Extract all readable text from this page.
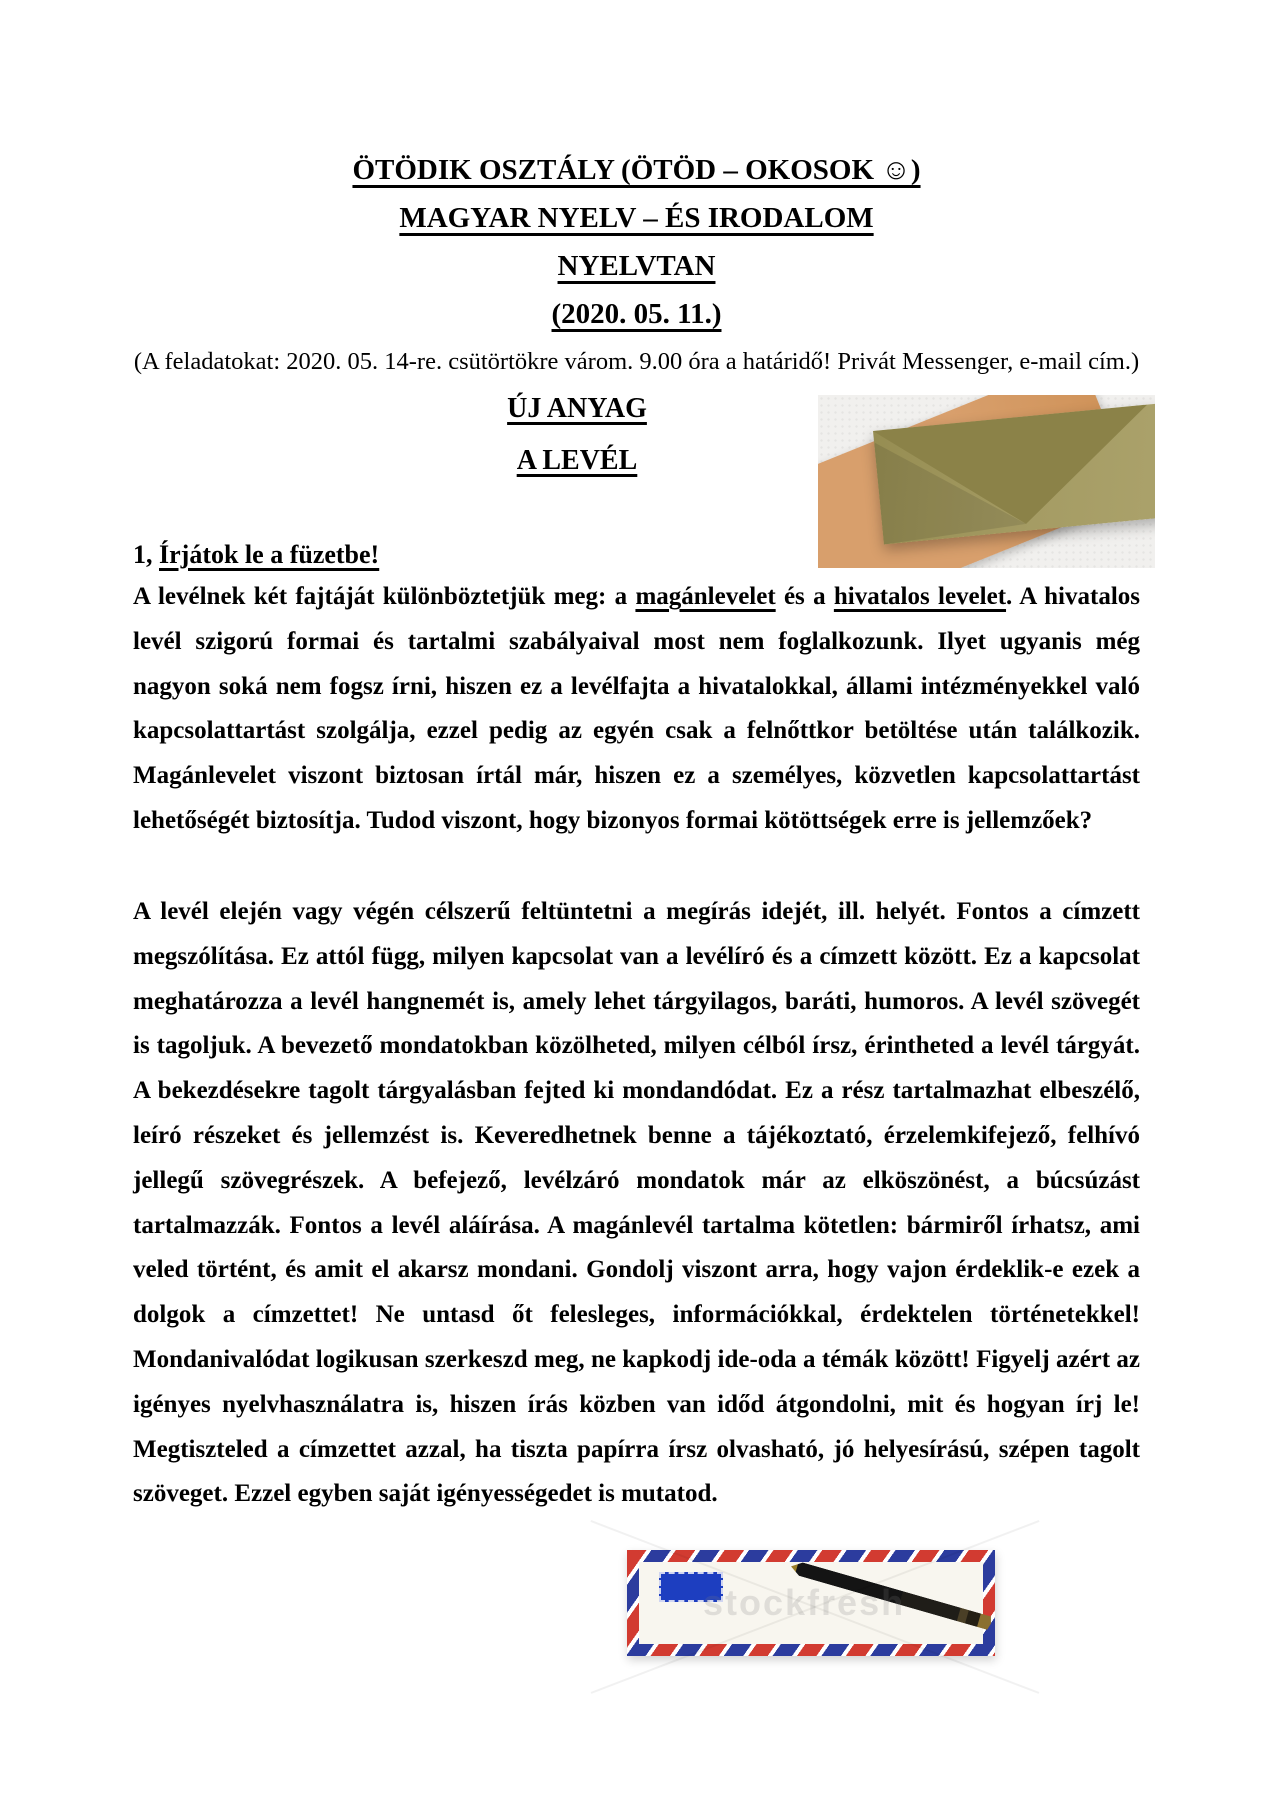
ÖTÖDIK OSZTÁLY (ÖTÖD – OKOSOK ☺)
MAGYAR NYELV – ÉS IRODALOM
NYELVTAN
(2020. 05. 11.)

(A feladatokat: 2020. 05. 14-re. csütörtökre várom. 9.00 óra a határidő! Privát Messenger, e-mail cím.)

ÚJ ANYAG
A LEVÉL
1, Írjátok le a füzetbe!

A levélnek két fajtáját különböztetjük meg: a magánlevelet és a hivatalos levelet. A hivatalos levél szigorú formai és tartalmi szabályaival most nem foglalkozunk. Ilyet ugyanis még nagyon soká nem fogsz írni, hiszen ez a levélfajta a hivatalokkal, állami intézményekkel való kapcsolattartást szolgálja, ezzel pedig az egyén csak a felnőttkor betöltése után találkozik. Magánlevelet viszont biztosan írtál már, hiszen ez a személyes, közvetlen kapcsolattartást lehetőségét biztosítja. Tudod viszont, hogy bizonyos formai kötöttségek erre is jellemzőek?

A levél elején vagy végén célszerű feltüntetni a megírás idejét, ill. helyét. Fontos a címzett megszólítása. Ez attól függ, milyen kapcsolat van a levélíró és a címzett között. Ez a kapcsolat meghatározza a levél hangnemét is, amely lehet tárgyilagos, baráti, humoros. A levél szövegét is tagoljuk. A bevezető mondatokban közölheted, milyen célból írsz, érintheted a levél tárgyát. A bekezdésekre tagolt tárgyalásban fejted ki mondandódat. Ez a rész tartalmazhat elbeszélő, leíró részeket és jellemzést is. Keveredhetnek benne a tájékoztató, érzelemkifejező, felhívó jellegű szövegrészek. A befejező, levélzáró mondatok már az elköszönést, a búcsúzást tartalmazzák. Fontos a levél aláírása. A magánlevél tartalma kötetlen: bármiről írhatsz, ami veled történt, és amit el akarsz mondani. Gondolj viszont arra, hogy vajon érdeklik-e ezek a dolgok a címzettet! Ne untasd őt felesleges, információkkal, érdektelen történetekkel! Mondanivalódat logikusan szerkeszd meg, ne kapkodj ide-oda a témák között! Figyelj azért az igényes nyelvhasználatra is, hiszen írás közben van időd átgondolni, mit és hogyan írj le! Megtiszteled a címzettet azzal, ha tiszta papírra írsz olvasható, jó helyesírású, szépen tagolt szöveget. Ezzel egyben saját igényességedet is mutatod.

stockfresh
